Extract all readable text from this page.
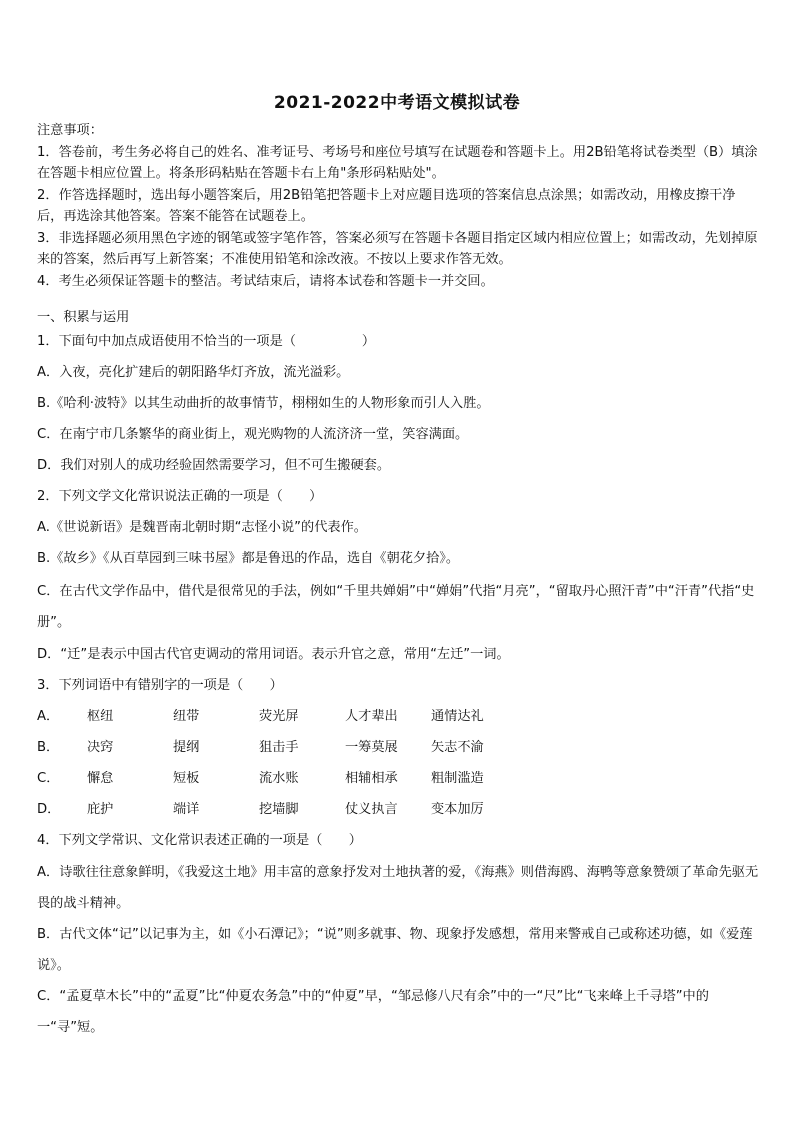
2021-2022中考语文模拟试卷

注意事项：

1．答卷前，考生务必将自己的姓名、准考证号、考场号和座位号填写在试题卷和答题卡上。用2B铅笔将试卷类型（B）填涂在答题卡相应位置上。将条形码粘贴在答题卡右上角"条形码粘贴处"。

2．作答选择题时，选出每小题答案后，用2B铅笔把答题卡上对应题目选项的答案信息点涂黑；如需改动，用橡皮擦干净后，再选涂其他答案。答案不能答在试题卷上。

3．非选择题必须用黑色字迹的钢笔或签字笔作答，答案必须写在答题卡各题目指定区域内相应位置上；如需改动，先划掉原来的答案，然后再写上新答案；不准使用铅笔和涂改液。不按以上要求作答无效。

4．考生必须保证答题卡的整洁。考试结束后，请将本试卷和答题卡一并交回。

一、积累与运用
1．下面句中加点成语使用不恰当的一项是（　　　　　）
A．入夜，亮化扩建后的朝阳路华灯齐放，流光溢彩。
B.《哈利·波特》以其生动曲折的故事情节，栩栩如生的人物形象而引人入胜。
C．在南宁市几条繁华的商业街上，观光购物的人流济济一堂，笑容满面。
D．我们对别人的成功经验固然需要学习，但不可生搬硬套。
2．下列文学文化常识说法正确的一项是（　　）
A.《世说新语》是魏晋南北朝时期“志怪小说”的代表作。
B.《故乡》《从百草园到三味书屋》都是鲁迅的作品，选自《朝花夕拾》。
C．在古代文学作品中，借代是很常见的手法，例如“千里共婵娟”中“婵娟”代指“月亮”，“留取丹心照汗青”中“汗青”代指“史册”。
D．“迁”是表示中国古代官吏调动的常用词语。表示升官之意，常用“左迁”一词。
3．下列词语中有错别字的一项是（　　）
A．	枢纽	纽带	荧光屏	人才辈出	通情达礼
B．	决窍	提纲	狙击手	一筹莫展	矢志不渝
C．	懈怠	短板	流水账	相辅相承	粗制滥造
D．	庇护	端详	挖墙脚	仗义执言	变本加厉
4．下列文学常识、文化常识表述正确的一项是（　　）
A．诗歌往往意象鲜明，《我爱这土地》用丰富的意象抒发对土地执著的爱，《海燕》则借海鸥、海鸭等意象赞颂了革命先驱无畏的战斗精神。
B．古代文体“记”以记事为主，如《小石潭记》；“说”则多就事、物、现象抒发感想，常用来警戒自己或称述功德，如《爱莲说》。
C．“孟夏草木长”中的“孟夏”比“仲夏农务急”中的“仲夏”早，“邹忌修八尺有余”中的一“尺”比“飞来峰上千寻塔”中的一“寻”短。
